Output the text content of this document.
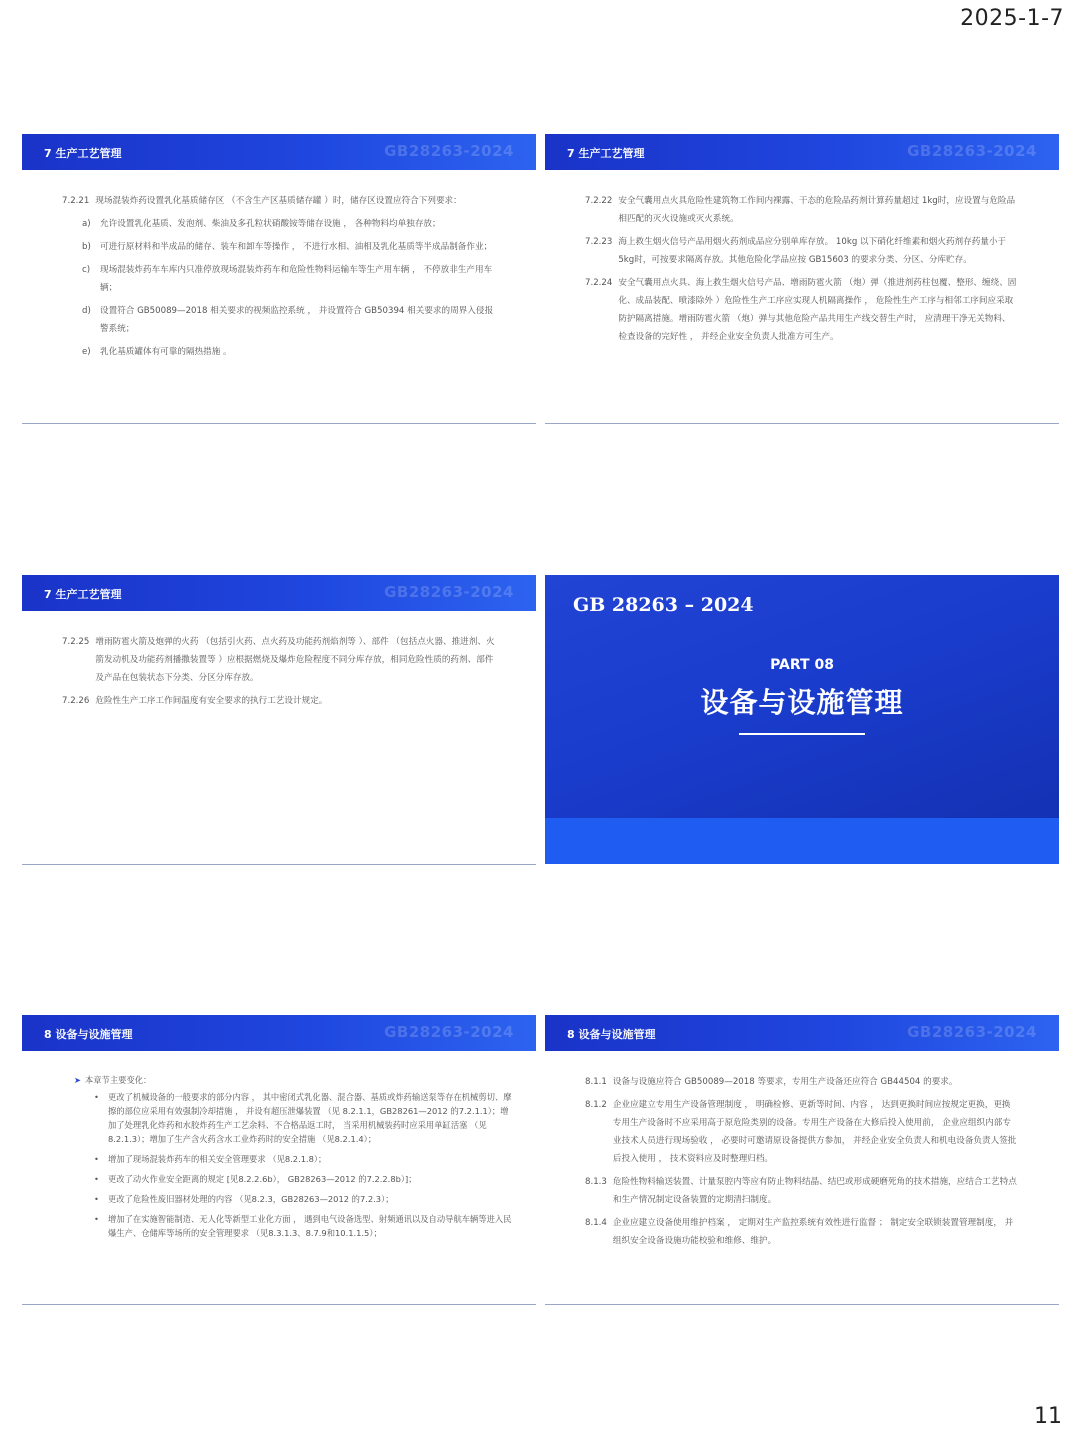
2025-1-7
7 生产工艺管理	GB28263-2024
7.2.21 现场混装炸药设置乳化基质储存区 （不含生产区基质储存罐 ）时，储存区设置应符合下列要求：
a)	允许设置乳化基质、发泡剂、柴油及多孔粒状硝酸铵等储存设施 ， 各种物料均单独存放；
b)	可进行原材料和半成品的储存、装车和卸车等操作 ， 不进行水相、油相及乳化基质等半成品制备作业；
c)	现场混装炸药车车库内只准停放现场混装炸药车和危险性物料运输车等生产用车辆 ， 不停放非生产用车辆；
d)	设置符合 GB50089—2018 相关要求的视频监控系统 ， 并设置符合 GB50394 相关要求的周界入侵报警系统；
e)	乳化基质罐体有可靠的隔热措施 。
7 生产工艺管理	GB28263-2024
7.2.22 安全气囊用点火具危险性建筑物工作间内裸露、干态的危险品药剂计算药量超过 1kg时，应设置与危险品相匹配的灭火设施或灭火系统。
7.2.23 海上救生烟火信号产品用烟火药剂成品应分别单库存放。 10kg 以下硝化纤维素和烟火药剂存药量小于 5kg时，可按要求隔离存放。其他危险化学品应按 GB15603 的要求分类、分区、分库贮存。
7.2.24 安全气囊用点火具、海上救生烟火信号产品、增雨防雹火箭 （炮）弹（推进剂药柱包覆、整形、缠绕、固化、成品装配、喷漆除外 ）危险性生产工序应实现人机隔离操作 ， 危险性生产工序与相邻工序间应采取防护隔离措施。增雨防雹火箭 （炮）弹与其他危险产品共用生产线交替生产时， 应清理干净无关物料、检查设备的完好性 ， 并经企业安全负责人批准方可生产。
7 生产工艺管理	GB28263-2024
7.2.25 增雨防雹火箭及炮弹的火药 （包括引火药、点火药及功能药剂焰剂等 ）、部件 （包括点火器、推进剂、火箭发动机及功能药剂播撒装置等 ）应根据燃烧及爆炸危险程度不同分库存放，相同危险性质的药剂、部件及产品在包装状态下分类、分区分库存放。
7.2.26 危险性生产工序工作间温度有安全要求的执行工艺设计规定。
GB 28263 – 2024
PART 08
设备与设施管理
8 设备与设施管理	GB28263-2024
➤ 本章节主要变化：
•	更改了机械设备的一般要求的部分内容 ， 其中密闭式乳化器、混合器、基质或炸药输送泵等存在机械剪切、摩擦的部位应采用有效强制冷却措施 ， 并设有超压泄爆装置 （见 8.2.1.1，GB28261—2012 的7.2.1.1）；增加了处理乳化炸药和水胶炸药生产工艺余料、不合格品返工时， 当采用机械装药时应采用单缸活塞 （见8.2.1.3）；增加了生产含火药含水工业炸药时的安全措施 （见8.2.1.4）；
•	增加了现场混装炸药车的相关安全管理要求 （见8.2.1.8）；
•	更改了动火作业安全距离的规定 [见8.2.2.6b）， GB28263—2012 的7.2.2.8b）]；
•	更改了危险性废旧器材处理的内容 （见8.2.3，GB28263—2012 的7.2.3）；
•	增加了在实施智能制造、无人化等新型工业化方面 ， 遇到电气设备选型、射频通讯以及自动导航车辆等进入民爆生产、仓储库等场所的安全管理要求 （见8.3.1.3、8.7.9和10.1.1.5）；
8 设备与设施管理	GB28263-2024
8.1.1 设备与设施应符合 GB50089—2018 等要求，专用生产设备还应符合 GB44504 的要求。
8.1.2 企业应建立专用生产设备管理制度 ， 明确检修、更新等时间、内容 ， 达到更换时间应按规定更换，更换专用生产设备时不应采用高于原危险类别的设备。专用生产设备在大修后投入使用前， 企业应组织内部专业技术人员进行现场验收 ， 必要时可邀请原设备提供方参加， 并经企业安全负责人和机电设备负责人签批后投入使用 ， 技术资料应及时整理归档。
8.1.3 危险性物料输送装置、计量泵腔内等应有防止物料结晶、结巴或形成硬磨死角的技术措施，应结合工艺特点和生产情况制定设备装置的定期清扫制度。
8.1.4 企业应建立设备使用维护档案 ， 定期对生产监控系统有效性进行监督 ； 制定安全联锁装置管理制度， 并组织安全设备设施功能校验和维修、维护。
11
